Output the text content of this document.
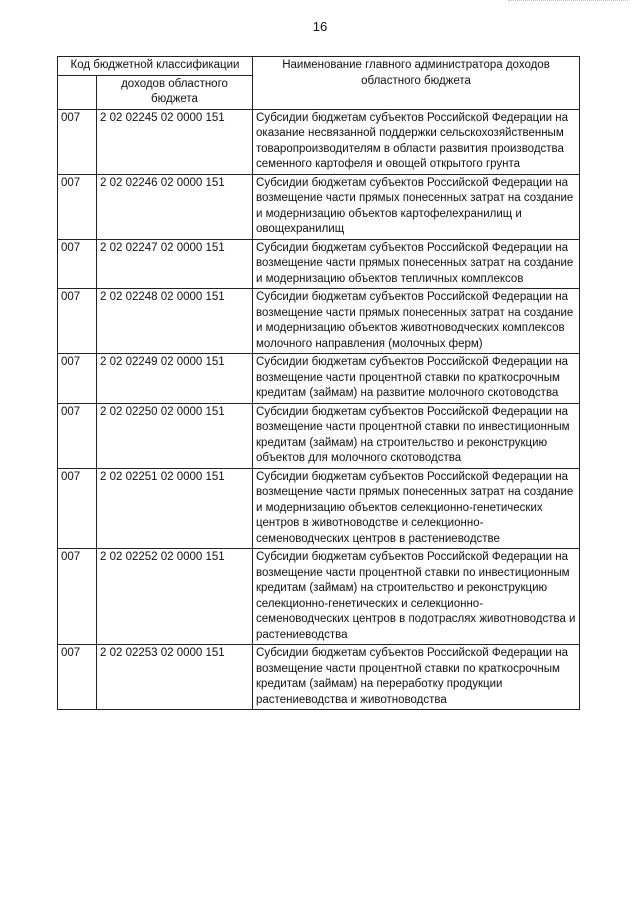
16
Код бюджетной классификации		Наименование главного администратора доходов областного бюджета
	доходов областного бюджета	
007	2 02 02245 02 0000 151	Субсидии бюджетам субъектов Российской Федерации на оказание несвязанной поддержки сельскохозяйственным товаропроизводителям в области развития производства семенного картофеля и овощей открытого грунта
007	2 02 02246 02 0000 151	Субсидии бюджетам субъектов Российской Федерации на возмещение части прямых понесенных затрат на создание и модернизацию объектов картофелехранилищ и овощехранилищ
007	2 02 02247 02 0000 151	Субсидии бюджетам субъектов Российской Федерации на возмещение части прямых понесенных затрат на создание и модернизацию объектов тепличных комплексов
007	2 02 02248 02 0000 151	Субсидии бюджетам субъектов Российской Федерации на возмещение части прямых понесенных затрат на создание и модернизацию объектов животноводческих комплексов молочного направления (молочных ферм)
007	2 02 02249 02 0000 151	Субсидии бюджетам субъектов Российской Федерации на возмещение части процентной ставки по краткосрочным кредитам (займам) на развитие молочного скотоводства
007	2 02 02250 02 0000 151	Субсидии бюджетам субъектов Российской Федерации на возмещение части процентной ставки по инвестиционным кредитам (займам) на строительство и реконструкцию объектов для молочного скотоводства
007	2 02 02251 02 0000 151	Субсидии бюджетам субъектов Российской Федерации на возмещение части прямых понесенных затрат на создание и модернизацию объектов селекционно-генетических центров в животноводстве и селекционно-семеноводческих центров в растениеводстве
007	2 02 02252 02 0000 151	Субсидии бюджетам субъектов Российской Федерации на возмещение части процентной ставки по инвестиционным кредитам (займам) на строительство и реконструкцию селекционно-генетических и селекционно-семеноводческих центров в подотраслях животноводства и растениеводства
007	2 02 02253 02 0000 151	Субсидии бюджетам субъектов Российской Федерации на возмещение части процентной ставки по краткосрочным кредитам (займам) на переработку продукции растениеводства и животноводства
